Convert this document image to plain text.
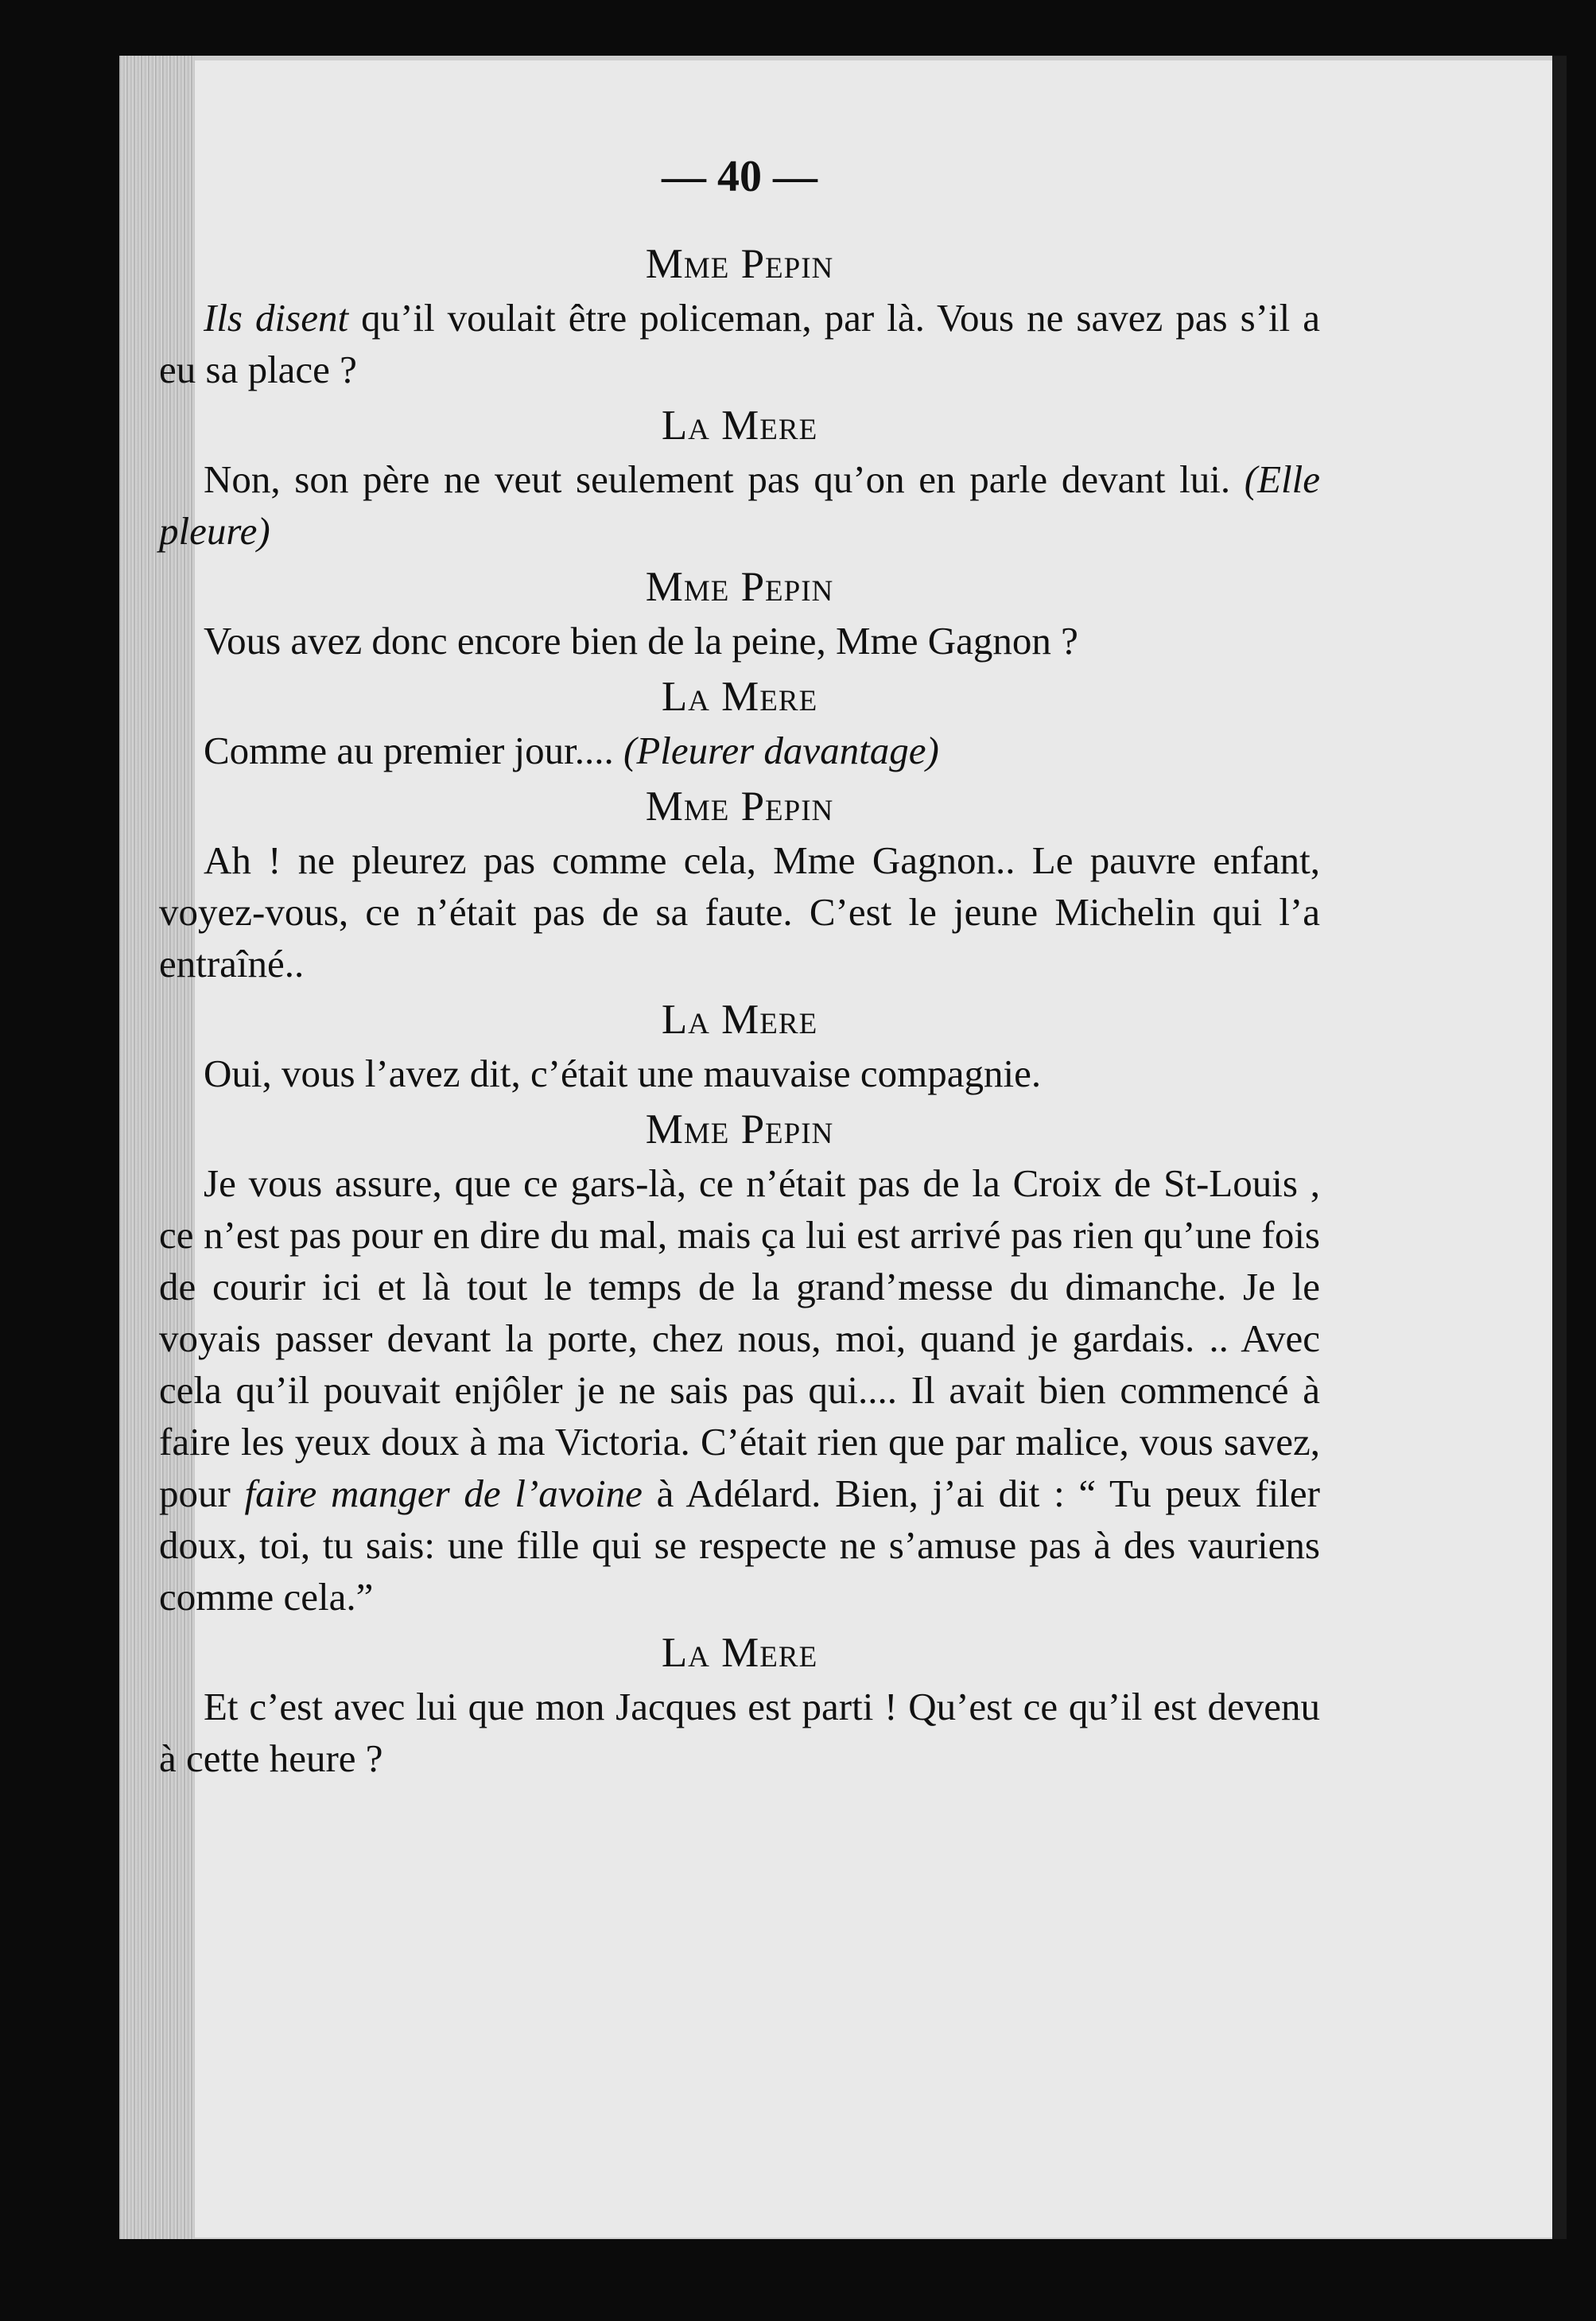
— 40 —
Mme Pepin

Ils disent qu’il voulait être policeman, par là. Vous ne savez pas s’il a eu sa place ?

La Mere

Non, son père ne veut seulement pas qu’on en parle devant lui. (Elle pleure)

Mme Pepin

Vous avez donc encore bien de la peine, Mme Gagnon ?

La Mere

Comme au premier jour.... (Pleurer davantage)

Mme Pepin

Ah ! ne pleurez pas comme cela, Mme Gagnon.. Le pauvre enfant, voyez-vous, ce n’était pas de sa faute. C’est le jeune Michelin qui l’a entraîné..

La Mere

Oui, vous l’avez dit, c’était une mauvaise compagnie.

Mme Pepin

Je vous assure, que ce gars-là, ce n’était pas de la Croix de St-Louis , ce n’est pas pour en dire du mal, mais ça lui est arrivé pas rien qu’une fois de courir ici et là tout le temps de la grand’messe du dimanche. Je le voyais passer devant la porte, chez nous, moi, quand je gardais. .. Avec cela qu’il pouvait enjôler je ne sais pas qui.... Il avait bien commencé à faire les yeux doux à ma Victoria. C’était rien que par malice, vous savez, pour faire manger de l’avoine à Adélard. Bien, j’ai dit : “ Tu peux filer doux, toi, tu sais: une fille qui se respecte ne s’amuse pas à des vauriens comme cela.”

La Mere

Et c’est avec lui que mon Jacques est parti ! Qu’est ce qu’il est devenu à cette heure ?
